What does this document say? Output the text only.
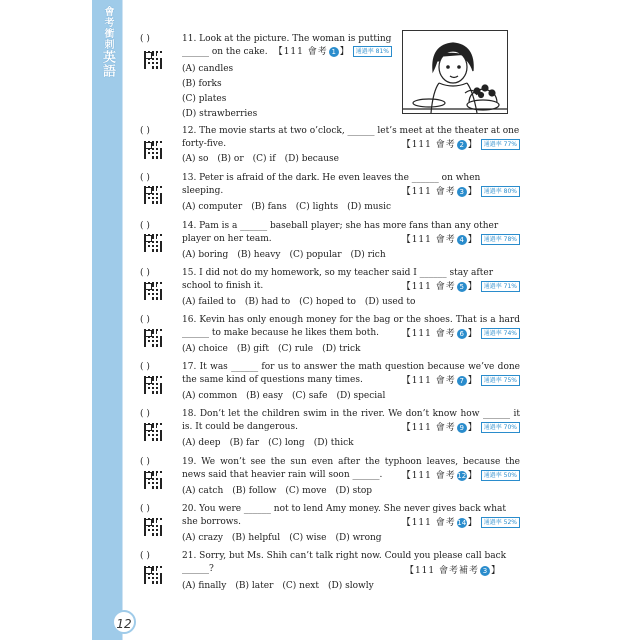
會考衝刺英語
( )	11. Look at the picture. The woman is putting ______ on the cake. 【111 會考 1 】 通過率 81%
(A) candles
(B) forks
(C) plates
(D) strawberries
( )	12. The movie starts at two o’clock, ______ let’s meet at the theater at one forty-five.	【111 會考 2 】 通過率 77%
(A) so (B) or (C) if (D) because
( )	13. Peter is afraid of the dark. He even leaves the ______ on when sleeping.	【111 會考 3 】 通過率 80%
(A) computer (B) fans (C) lights (D) music
( )	14. Pam is a ______ baseball player; she has more fans than any other player on her team.	【111 會考 4 】 通過率 78%
(A) boring (B) heavy (C) popular (D) rich
( )	15. I did not do my homework, so my teacher said I ______ stay after school to finish it.	【111 會考 5 】 通過率 71%
(A) failed to (B) had to (C) hoped to (D) used to
( )	16. Kevin has only enough money for the bag or the shoes. That is a hard ______ to make because he likes them both.	【111 會考 6 】 通過率 74%
(A) choice (B) gift (C) rule (D) trick
( )	17. It was ______ for us to answer the math question because we’ve done the same kind of questions many times.	【111 會考 7 】 通過率 75%
(A) common (B) easy (C) safe (D) special
( )	18. Don’t let the children swim in the river. We don’t know how ______ it is. It could be dangerous.	【111 會考 9 】 通過率 70%
(A) deep (B) far (C) long (D) thick
( )	19. We won’t see the sun even after the typhoon leaves, because the news said that heavier rain will soon ______.	【111 會考 12 】 通過率 50%
(A) catch (B) follow (C) move (D) stop
( )	20. You were ______ not to lend Amy money. She never gives back what she borrows.	【111 會考 14 】 通過率 52%
(A) crazy (B) helpful (C) wise (D) wrong
( )	21. Sorry, but Ms. Shih can’t talk right now. Could you please call back ______?	【111 會考補考 3 】
(A) finally (B) later (C) next (D) slowly
12
